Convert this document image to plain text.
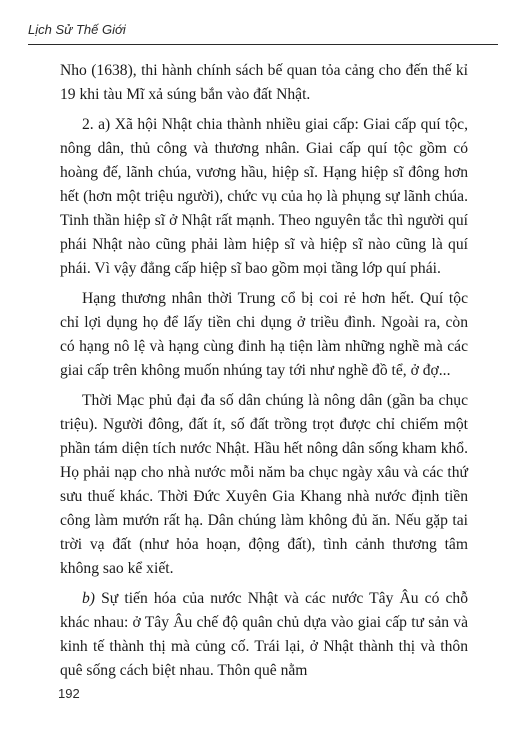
Lịch Sử Thế Giới

Nho (1638), thi hành chính sách bế quan tỏa cảng cho đến thế kỉ 19 khi tàu Mĩ xả súng bắn vào đất Nhật.

2. a) Xã hội Nhật chia thành nhiều giai cấp: Giai cấp quí tộc, nông dân, thủ công và thương nhân. Giai cấp quí tộc gồm có hoàng đế, lãnh chúa, vương hầu, hiệp sĩ. Hạng hiệp sĩ đông hơn hết (hơn một triệu người), chức vụ của họ là phụng sự lãnh chúa. Tinh thần hiệp sĩ ở Nhật rất mạnh. Theo nguyên tắc thì người quí phái Nhật nào cũng phải làm hiệp sĩ và hiệp sĩ nào cũng là quí phái. Vì vậy đẳng cấp hiệp sĩ bao gồm mọi tầng lớp quí phái.

Hạng thương nhân thời Trung cổ bị coi rẻ hơn hết. Quí tộc chỉ lợi dụng họ để lấy tiền chi dụng ở triều đình. Ngoài ra, còn có hạng nô lệ và hạng cùng đinh hạ tiện làm những nghề mà các giai cấp trên không muốn nhúng tay tới như nghề đồ tể, ở đợ...

Thời Mạc phủ đại đa số dân chúng là nông dân (gần ba chục triệu). Người đông, đất ít, số đất trồng trọt được chỉ chiếm một phần tám diện tích nước Nhật. Hầu hết nông dân sống kham khổ. Họ phải nạp cho nhà nước mỗi năm ba chục ngày xâu và các thứ sưu thuế khác. Thời Đức Xuyên Gia Khang nhà nước định tiền công làm mướn rất hạ. Dân chúng làm không đủ ăn. Nếu gặp tai trời vạ đất (như hỏa hoạn, động đất), tình cảnh thương tâm không sao kể xiết.

b) Sự tiến hóa của nước Nhật và các nước Tây Âu có chỗ khác nhau: ở Tây Âu chế độ quân chủ dựa vào giai cấp tư sản và kinh tế thành thị mà củng cố. Trái lại, ở Nhật thành thị và thôn quê sống cách biệt nhau. Thôn quê nằm

192
